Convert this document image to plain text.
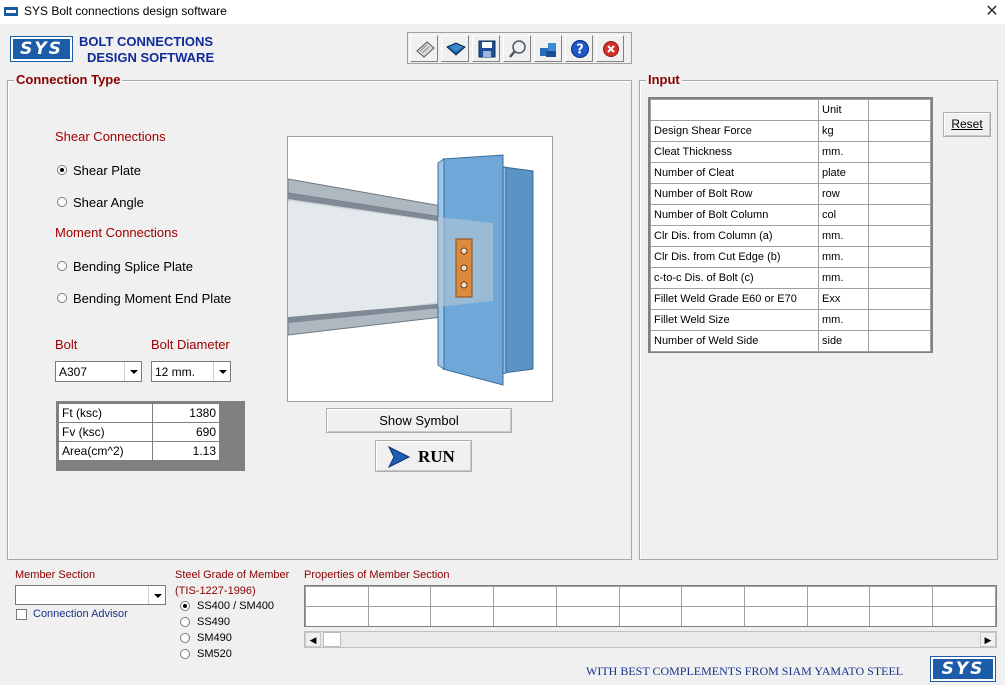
SYS Bolt connections design software	✕
SYS	BOLT CONNECTIONS
DESIGN SOFTWARE	?
Connection Type
Shear Connections
Shear Plate
Shear Angle
Moment Connections
Bending Splice Plate
Bending Moment End Plate
Bolt	Bolt Diameter
A307	12 mm.
Ft (ksc)	1380
Fv (ksc)	690
Area(cm^2)	1.13
Show Symbol
RUN
Input
	Unit	
Design Shear Force	kg	
Cleat Thickness	mm.	
Number of Cleat	plate	
Number of Bolt Row	row	
Number of Bolt Column	col	
Clr Dis. from Column (a)	mm.	
Clr Dis. from Cut Edge (b)	mm.	
c-to-c Dis. of Bolt (c)	mm.	
Fillet Weld Grade E60 or E70	Exx	
Fillet Weld Size	mm.	
Number of Weld Side	side	
Reset
Member Section
Connection Advisor
Steel Grade of Member
(TIS-1227-1996)
SS400 / SM400
SS490
SM490
SM520
Properties of Member Section

◀	▶
WITH BEST COMPLEMENTS FROM SIAM YAMATO STEEL	SYS
